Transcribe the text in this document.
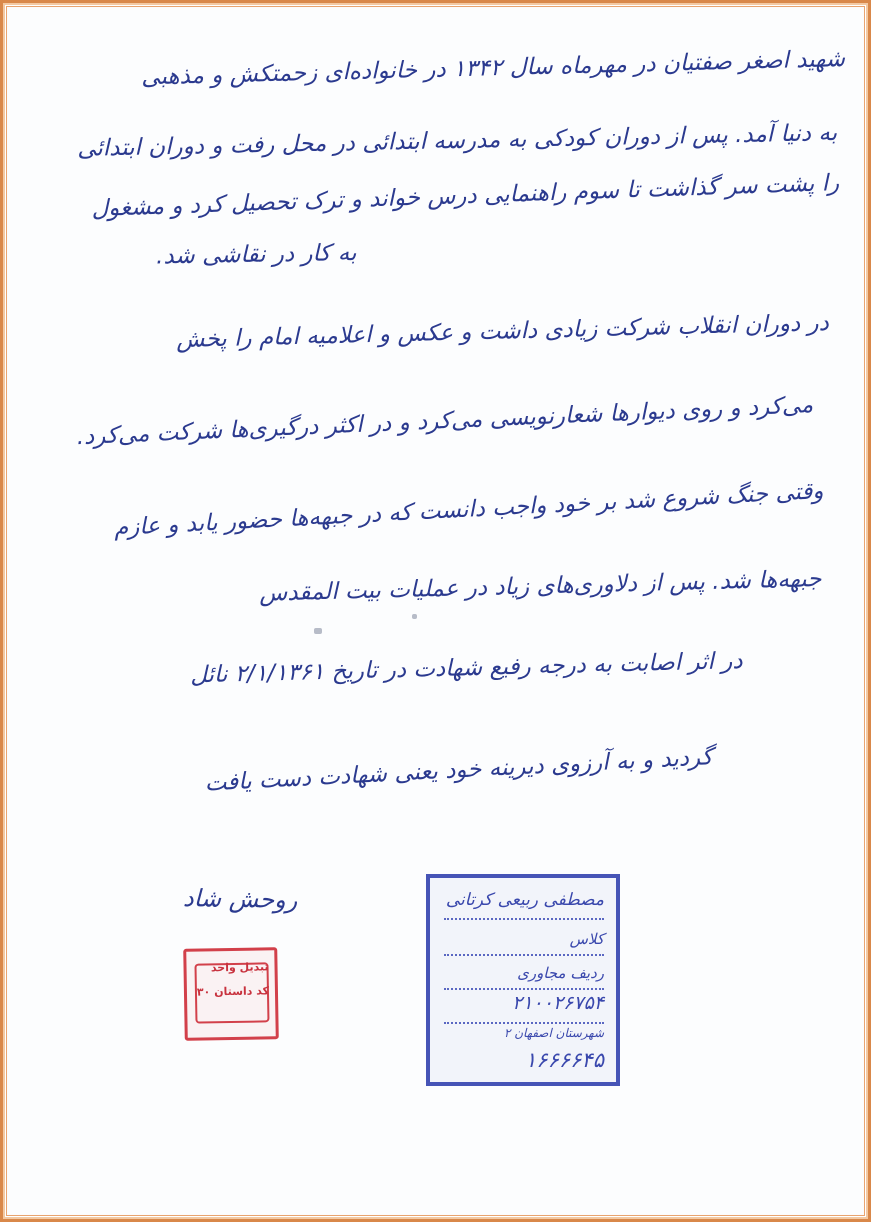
شهید اصغر صفتیان در مهرماه سال ۱۳۴۲ در خانواده‌ای زحمتکش و مذهبی
به دنیا آمد. پس از دوران کودکی به مدرسه ابتدائی در محل رفت و دوران ابتدائی
را پشت سر گذاشت تا سوم راهنمایی درس خواند و ترک تحصیل کرد و مشغول
به کار در نقاشی شد.
در دوران انقلاب شرکت زیادی داشت و عکس و اعلامیه امام را پخش
می‌کرد و روی دیوارها شعارنویسی می‌کرد و در اکثر درگیری‌ها شرکت می‌کرد.
وقتی جنگ شروع شد بر خود واجب دانست که در جبهه‌ها حضور یابد و عازم
جبهه‌ها شد. پس از دلاوری‌های زیاد در عملیات بیت المقدس
در اثر اصابت به درجه رفیع شهادت در تاریخ ۲/۱/۱۳۶۱ نائل
گردید و به آرزوی دیرینه خود یعنی شهادت دست یافت
روحش شاد
تبدیل واحد
کد داستان ۳۰
مصطفی ربیعی کرتانی
کلاس
ردیف مجاوری
۲۱۰۰۲۶۷۵۴
شهرستان اصفهان ۲
۱۶۶۶۶۴۵
